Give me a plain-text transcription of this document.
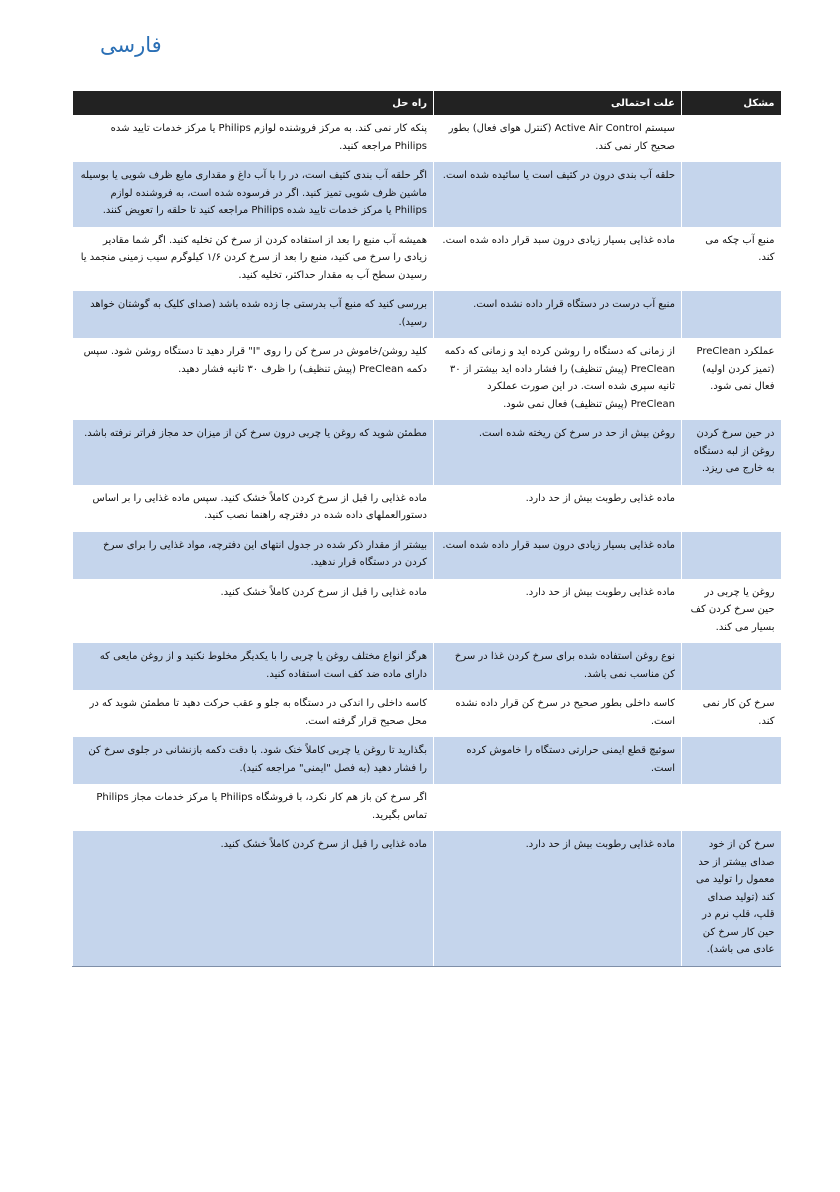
فارسی
مشکل	علت احتمالی	راه حل
	سیستم Active Air Control (کنترل هوای فعال) بطور صحیح کار نمی کند.	پنکه کار نمی کند. به مرکز فروشنده لوازم Philips یا مرکز خدمات تایید شده Philips مراجعه کنید.
	حلقه آب بندی درون در کثیف است یا سائیده شده است.	اگر حلقه آب بندی کثیف است، در را با آب داغ و مقداری مایع ظرف شویی یا بوسیله ماشین ظرف شویی تمیز کنید. اگر در فرسوده شده است، به فروشنده لوازم Philips یا مرکز خدمات تایید شده Philips مراجعه کنید تا حلقه را تعویض کنند.
منبع آب چکه می کند.	ماده غذایی بسیار زیادی درون سبد قرار داده شده است.	همیشه آب منبع را بعد از استفاده کردن از سرخ کن تخلیه کنید. اگر شما مقادیر زیادی را سرخ می کنید، منبع را بعد از سرخ کردن ۱/۶ کیلوگرم سیب زمینی منجمد یا رسیدن سطح آب به مقدار حداکثر، تخلیه کنید.
	منبع آب درست در دستگاه قرار داده نشده است.	بررسی کنید که منبع آب بدرستی جا زده شده باشد (صدای کلیک به گوشتان خواهد رسید).
عملکرد PreClean (تمیز کردن اولیه) فعال نمی شود.	از زمانی که دستگاه را روشن کرده اید و زمانی که دکمه PreClean (پیش تنظیف) را فشار داده اید بیشتر از ۳۰ ثانیه سپری شده است. در این صورت عملکرد PreClean (پیش تنظیف) فعال نمی شود.	کلید روشن/خاموش در سرخ کن را روی "I" قرار دهید تا دستگاه روشن شود. سپس دکمه PreClean (پیش تنظیف) را ظرف ۳۰ ثانیه فشار دهید.
در حین سرخ کردن روغن از لبه دستگاه به خارج می ریزد.	روغن بیش از حد در سرخ کن ریخته شده است.	مطمئن شوید که روغن یا چربی درون سرخ کن از میزان حد مجاز فراتر نرفته باشد.
	ماده غذایی رطوبت بیش از حد دارد.	ماده غذایی را قبل از سرخ کردن کاملاً خشک کنید. سپس ماده غذایی را بر اساس دستورالعملهای داده شده در دفترچه راهنما نصب کنید.
	ماده غذایی بسیار زیادی درون سبد قرار داده شده است.	بیشتر از مقدار ذکر شده در جدول انتهای این دفترچه، مواد غذایی را برای سرخ کردن در دستگاه قرار ندهید.
روغن یا چربی در حین سرخ کردن کف بسیار می کند.	ماده غذایی رطوبت بیش از حد دارد.	ماده غذایی را قبل از سرخ کردن کاملاً خشک کنید.
	نوع روغن استفاده شده برای سرخ کردن غذا در سرخ کن مناسب نمی باشد.	هرگز انواع مختلف روغن یا چربی را با یکدیگر مخلوط نکنید و از روغن مایعی که دارای ماده ضد کف است استفاده کنید.
سرخ کن کار نمی کند.	کاسه داخلی بطور صحیح در سرخ کن قرار داده نشده است.	کاسه داخلی را اندکی در دستگاه به جلو و عقب حرکت دهید تا مطمئن شوید که در محل صحیح قرار گرفته است.
	سوئیچ قطع ایمنی حرارتی دستگاه را خاموش کرده است.	بگذارید تا روغن یا چربی کاملاً خنک شود. با دقت دکمه بازنشانی در جلوی سرخ کن را فشار دهید (به فصل "ایمنی" مراجعه کنید).
		اگر سرخ کن باز هم کار نکرد، با فروشگاه Philips یا مرکز خدمات مجاز Philips تماس بگیرید.
سرخ کن از خود صدای بیشتر از حد معمول را تولید می کند (تولید صدای قلپ، قلپ نرم در حین کار سرخ کن عادی می باشد).	ماده غذایی رطوبت بیش از حد دارد.	ماده غذایی را قبل از سرخ کردن کاملاً خشک کنید.
